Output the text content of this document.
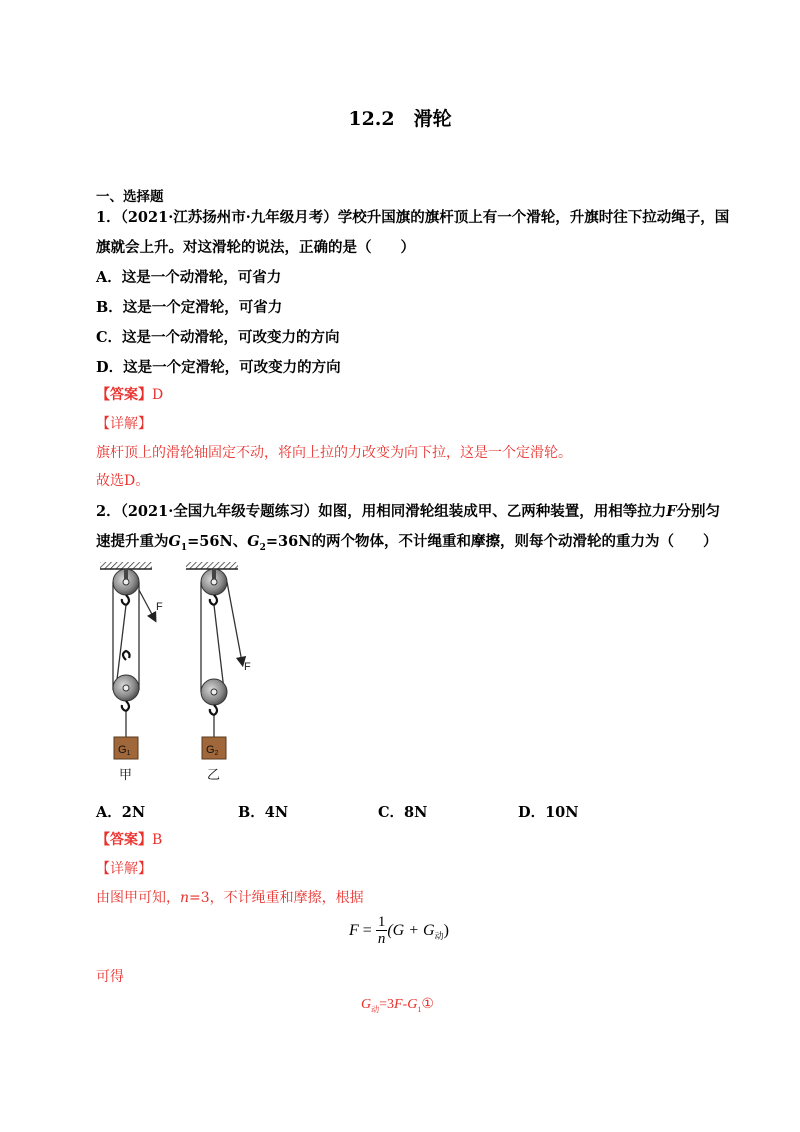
12.2　滑轮
一、选择题
1．（2021·江苏扬州市·九年级月考）学校升国旗的旗杆顶上有一个滑轮，升旗时往下拉动绳子，国
旗就会上升。对这滑轮的说法，正确的是（　　）
A．这是一个动滑轮，可省力
B．这是一个定滑轮，可省力
C．这是一个动滑轮，可改变力的方向
D．这是一个定滑轮，可改变力的方向
【答案】D
【详解】
旗杆顶上的滑轮轴固定不动，将向上拉的力改变为向下拉，这是一个定滑轮。
故选D。
2．（2021·全国九年级专题练习）如图，用相同滑轮组装成甲、乙两种装置，用相等拉力F分别匀
速提升重为$G_1=56N$、$G_2=36N$的两个物体，不计绳重和摩擦，则每个动滑轮的重力为（　　）
F
G1
甲
F
G2
乙
A．2N	B．4N	C．8N	D．10N
【答案】B
【详解】
由图甲可知，n=3，不计绳重和摩擦，根据
$F = \frac{1}{n} (G + G_动)$
可得
$G_动=3F-G_1①$
